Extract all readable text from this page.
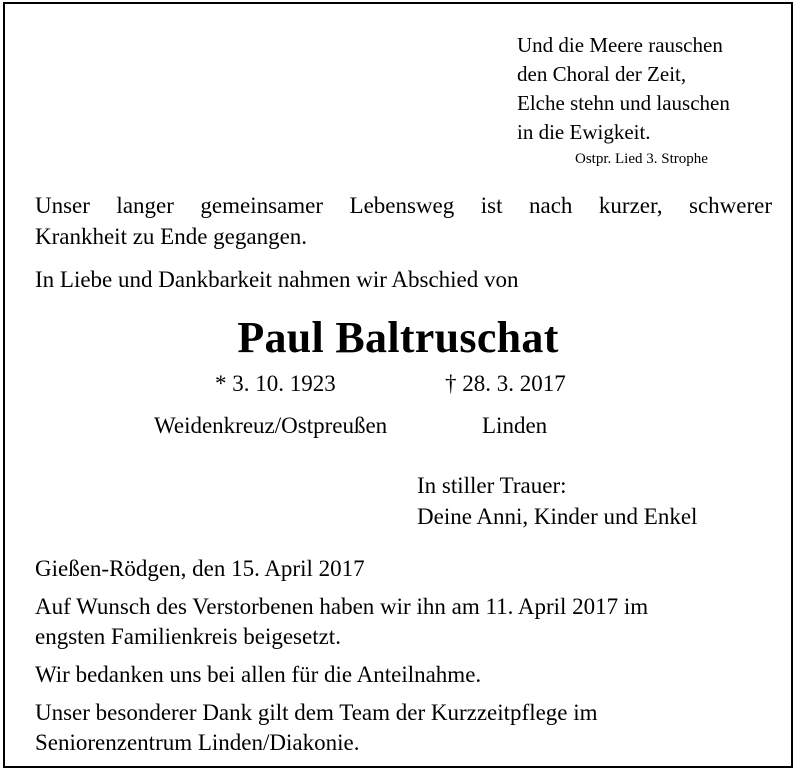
Und die Meere rauschen
den Choral der Zeit,
Elche stehn und lauschen
in die Ewigkeit.
Ostpr. Lied 3. Strophe
Unser langer gemeinsamer Lebensweg ist nach kurzer, schwerer
Krankheit zu Ende gegangen.
In Liebe und Dankbarkeit nahmen wir Abschied von
Paul Baltruschat
* 3. 10. 1923	† 28. 3. 2017
Weidenkreuz/Ostpreußen	Linden
In stiller Trauer:
Deine Anni, Kinder und Enkel
Gießen-Rödgen, den 15. April 2017
Auf Wunsch des Verstorbenen haben wir ihn am 11. April 2017 im
engsten Familienkreis beigesetzt.
Wir bedanken uns bei allen für die Anteilnahme.
Unser besonderer Dank gilt dem Team der Kurzzeitpflege im
Seniorenzentrum Linden/Diakonie.
